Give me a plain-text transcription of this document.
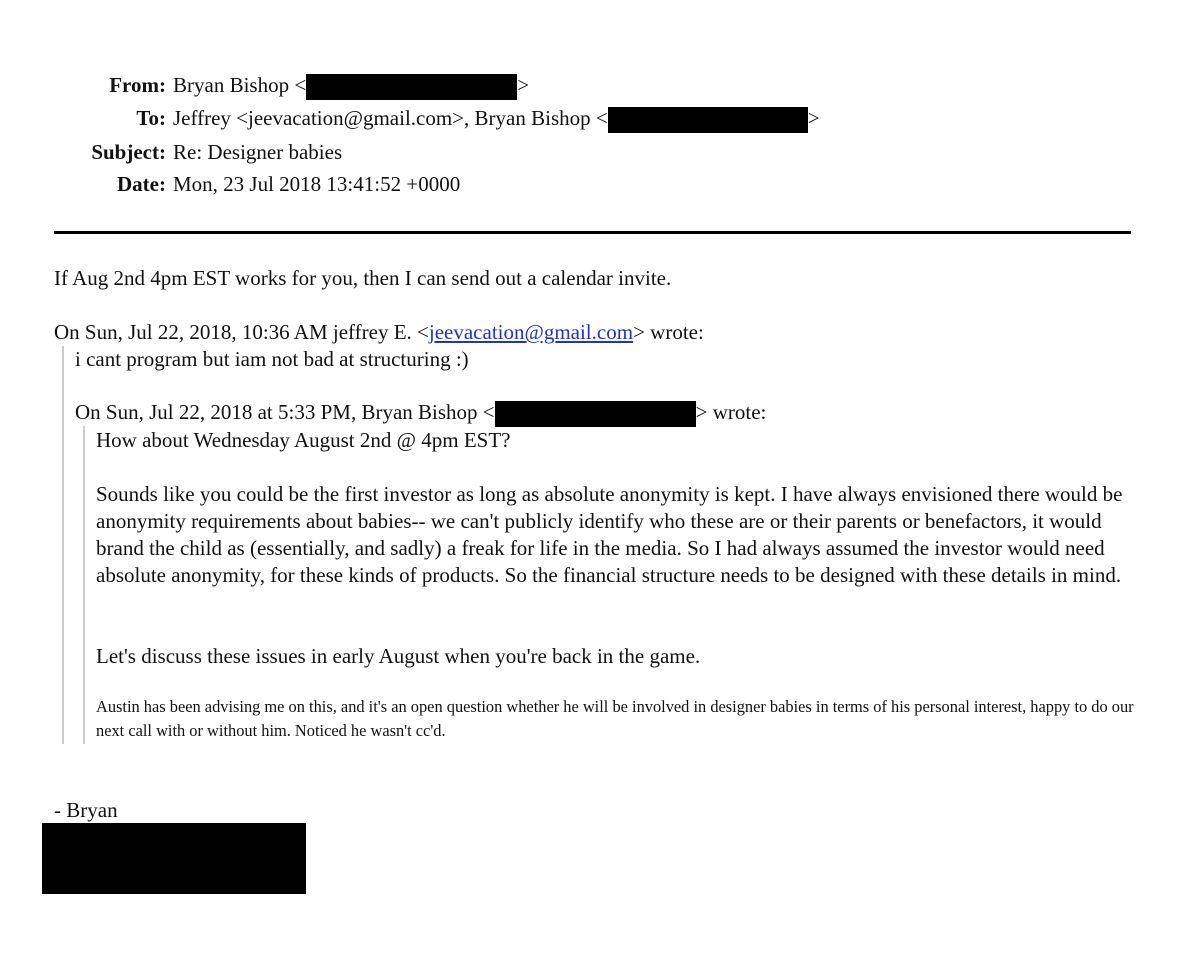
From: Bryan Bishop <	>
To: Jeffrey <jeevacation@gmail.com>, Bryan Bishop <	>
Subject: Re: Designer babies
Date: Mon, 23 Jul 2018 13:41:52 +0000
If Aug 2nd 4pm EST works for you, then I can send out a calendar invite.
On Sun, Jul 22, 2018, 10:36 AM jeffrey E. <jeevacation@gmail.com> wrote:
i cant program but iam not bad at structuring :)
On Sun, Jul 22, 2018 at 5:33 PM, Bryan Bishop <	> wrote:
How about Wednesday August 2nd @ 4pm EST?
Sounds like you could be the first investor as long as absolute anonymity is kept. I have always envisioned there would be anonymity requirements about babies-- we can't publicly identify who these are or their parents or benefactors, it would brand the child as (essentially, and sadly) a freak for life in the media. So I had always assumed the investor would need absolute anonymity, for these kinds of products. So the financial structure needs to be designed with these details in mind.
Let's discuss these issues in early August when you're back in the game.
Austin has been advising me on this, and it's an open question whether he will be involved in designer babies in terms of his personal interest, happy to do our next call with or without him. Noticed he wasn't cc'd.
- Bryan
